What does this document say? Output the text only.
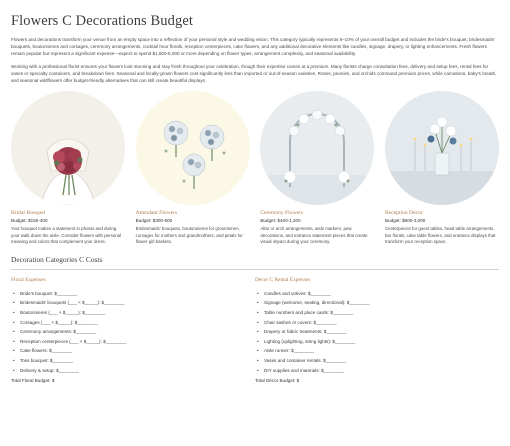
Flowers C Decorations Budget

Flowers and decorations transform your venue from an empty space into a reflection of your personal style and wedding vision. This category typically represents 8–10% of your overall budget and includes the bride's bouquet, bridesmaids' bouquets, boutonnieres and corsages, ceremony arrangements, cocktail hour florals, reception centerpieces, cake flowers, and any additional decorative elements like candles, signage, drapery, or lighting enhancements. Fresh flowers remain popular but represent a significant expense—expect to spend $1,500-5,000 or more depending on flower types, arrangement complexity, and seasonal availability.

Working with a professional florist ensures your flowers look stunning and stay fresh throughout your celebration, though their expertise comes at a premium. Many florists charge consultation fees, delivery and setup fees, rental fees for vases or specialty containers, and breakdown fees. Seasonal and locally-grown flowers cost significantly less than imported or out-of-season varieties. Roses, peonies, and orchids command premium prices, while carnations, baby's breath, and seasonal wildflowers offer budget-friendly alternatives that can still create beautiful displays.

Bridal Bouquet
Budget: $150-400
Your bouquet makes a statement in photos and during your walk down the aisle. Consider flowers with personal meaning and colors that complement your dress.
Attendant Flowers
Budget: $300-800
Bridesmaids' bouquets, boutonnieres for groomsmen, corsages for mothers and grandmothers, and petals for flower girl baskets.
Ceremony Flowers
Budget: $400-1,200
Altar or arch arrangements, aisle markers, pew decorations, and entrance statement pieces that create visual impact during your ceremony.
Reception Décor
Budget: $600-3,000
Centerpieces for guest tables, head table arrangements, bar florals, cake table flowers, and entrance displays that transform your reception space.
Decoration Categories C Costs
Floral Expenses
• Bride's bouquet: $________
• Bridesmaids' bouquets (___ × $_____): $________
• Boutonnieres (___ × $_____): $________
• Corsages (___ × $_____): $________
• Ceremony arrangements: $________
• Reception centerpieces (___ × $_____): $________
• Cake flowers: $________
• Toss bouquet: $________
• Delivery & setup: $________
Total Floral Budget: $
Décor C Rental Expenses
• Candles and votives: $________
• Signage (welcome, seating, directional): $________
• Table numbers and place cards: $________
• Chair sashes or covers: $________
• Drapery or fabric treatments: $________
• Lighting (uplighting, string lights): $________
• Aisle runner: $________
• Vases and container rentals: $________
• DIY supplies and materials: $________
Total Décor Budget: $
